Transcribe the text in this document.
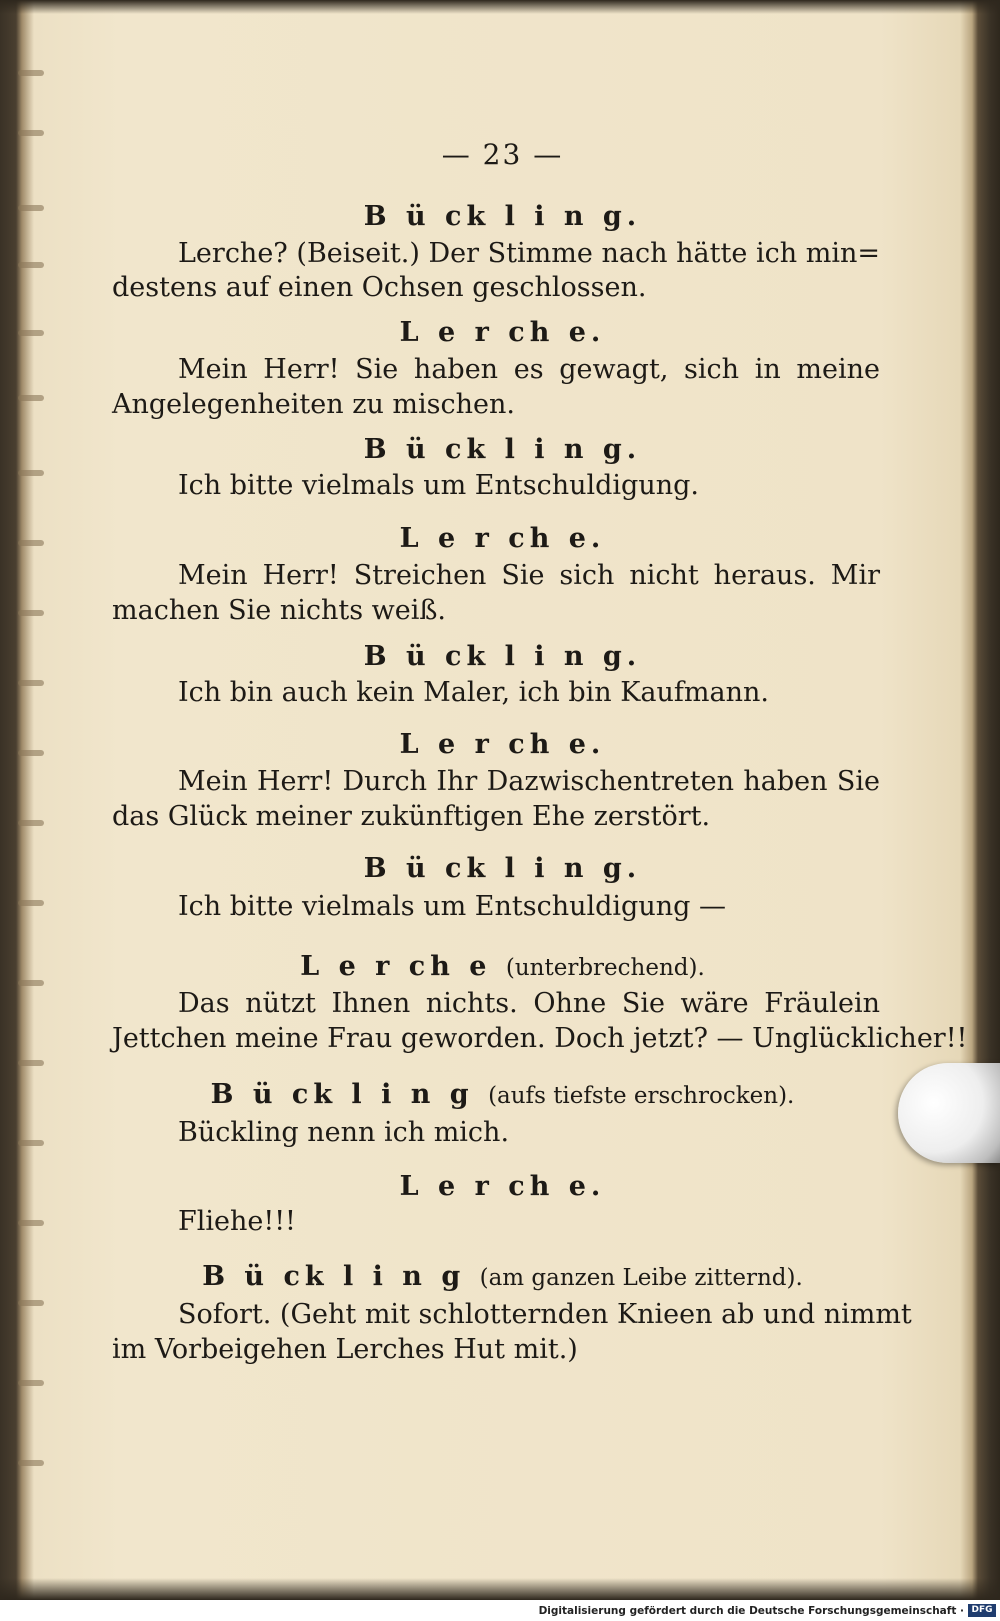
— 23 —
B ü ck l i n g.
Lerche? (Beiseit.) Der Stimme nach hätte ich min=
destens auf einen Ochsen geschlossen.
L e r ch e.
Mein Herr! Sie haben es gewagt, sich in meine
Angelegenheiten zu mischen.
B ü ck l i n g.
Ich bitte vielmals um Entschuldigung.
L e r ch e.
Mein Herr! Streichen Sie sich nicht heraus. Mir
machen Sie nichts weiß.
B ü ck l i n g.
Ich bin auch kein Maler, ich bin Kaufmann.
L e r ch e.
Mein Herr! Durch Ihr Dazwischentreten haben Sie
das Glück meiner zukünftigen Ehe zerstört.
B ü ck l i n g.
Ich bitte vielmals um Entschuldigung —
L e r ch e (unterbrechend).
Das nützt Ihnen nichts. Ohne Sie wäre Fräulein
Jettchen meine Frau geworden. Doch jetzt? — Unglücklicher!!
B ü ck l i n g (aufs tiefste erschrocken).
Bückling nenn ich mich.
L e r ch e.
Fliehe!!!
B ü ck l i n g (am ganzen Leibe zitternd).
Sofort. (Geht mit schlotternden Knieen ab und nimmt
im Vorbeigehen Lerches Hut mit.)
Digitalisierung gefördert durch die Deutsche Forschungsgemeinschaft · DFG
